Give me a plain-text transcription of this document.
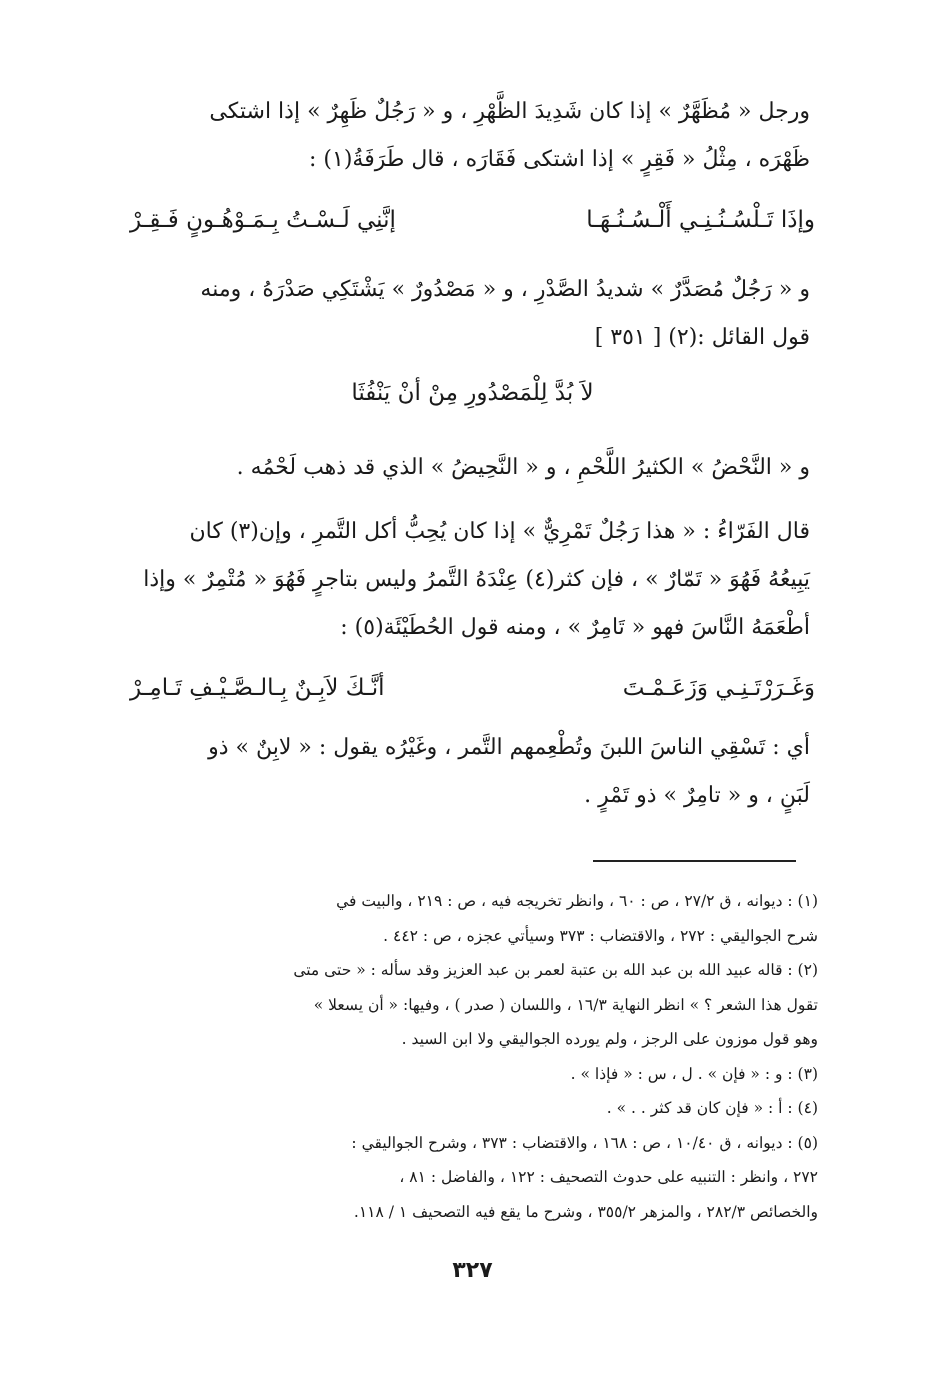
ورجل « مُظَهَّرٌ » إذا كان شَدِيدَ الظَّهْرِ ، و « رَجُلٌ ظَهِرٌ » إذا اشتكى
ظَهْرَه ، مِثْلُ « فَقِرٍ » إذا اشتكى فَقَارَه ، قال طَرَفَةُ(١) :
وإذَا تَـلْسُـنُـنِـي أَلْـسُـنُـهَـا
إنَّنِي لَـسْـتُ بِـمَـوْهُـونٍ فَـقِـرْ
و « رَجُلٌ مُصَدَّرٌ » شديدُ الصَّدْرِ ، و « مَصْدُورٌ » يَشْتَكِي صَدْرَهُ ، ومنه
قول القائل :(٢) [ ٣٥١ ]
لاَ بُدَّ لِلْمَصْدُورِ مِنْ أنْ يَنْفُثَا
و « النَّحْضُ » الكثيرُ اللَّحْمِ ، و « النَّحِيضُ » الذي قد ذهب لَحْمُه .
قال الفَرّاءُ : « هذا رَجُلٌ تَمْرِيٌّ » إذا كان يُحِبُّ أكل التَّمرِ ، وإن(٣) كان
يَبِيعُهُ فَهُوَ « تَمّارٌ » ، فإن كثر(٤) عِنْدَهُ التَّمرُ وليس بتاجرٍ فَهُوَ « مُتْمِرٌ » وإذا
أطْعَمَهُ النَّاسَ فهو « تَامِرٌ » ، ومنه قول الحُطَيْئَة(٥) :
وَغَـرَرْتَـنِـي وَزَعَـمْـتَ
أنَّـكَ لاَبِـنٌ بِـالـصَّـيْـفِ تَـامِـرْ
أي : تَسْقِي الناسَ اللبنَ وتُطْعِمهم التَّمر ، وغَيْرُه يقول : « لابِنٌ » ذو
لَبَنٍ ، و « تامِرٌ » ذو تَمْرٍ .
(١) : ديوانه ، ق ٢٧/٢ ، ص : ٦٠ ، وانظر تخريجه فيه ، ص : ٢١٩ ، والبيت في
شرح الجواليقي : ٢٧٢ ، والاقتضاب : ٣٧٣ وسيأتي عجزه ، ص : ٤٤٢ .
(٢) : قاله عبيد الله بن عبد الله بن عتبة لعمر بن عبد العزيز وقد سأله : « حتى متى
تقول هذا الشعر ؟ » انظر النهاية ١٦/٣ ، واللسان ( صدر ) ، وفيها: « أن يسعلا »
وهو قول موزون على الرجز ، ولم يورده الجواليقي ولا ابن السيد .
(٣) : و : « فإن » . ل ، س : « فإذا » .
(٤) : أ : « فإن كان قد كثر . . » .
(٥) : ديوانه ، ق ١٠/٤٠ ، ص : ١٦٨ ، والاقتضاب : ٣٧٣ ، وشرح الجواليقي :
٢٧٢ ، وانظر : التنبيه على حدوث التصحيف : ١٢٢ ، والفاضل : ٨١ ،
والخصائص ٢٨٢/٣ ، والمزهر ٣٥٥/٢ ، وشرح ما يقع فيه التصحيف ١ / ١١٨.
٣٢٧
